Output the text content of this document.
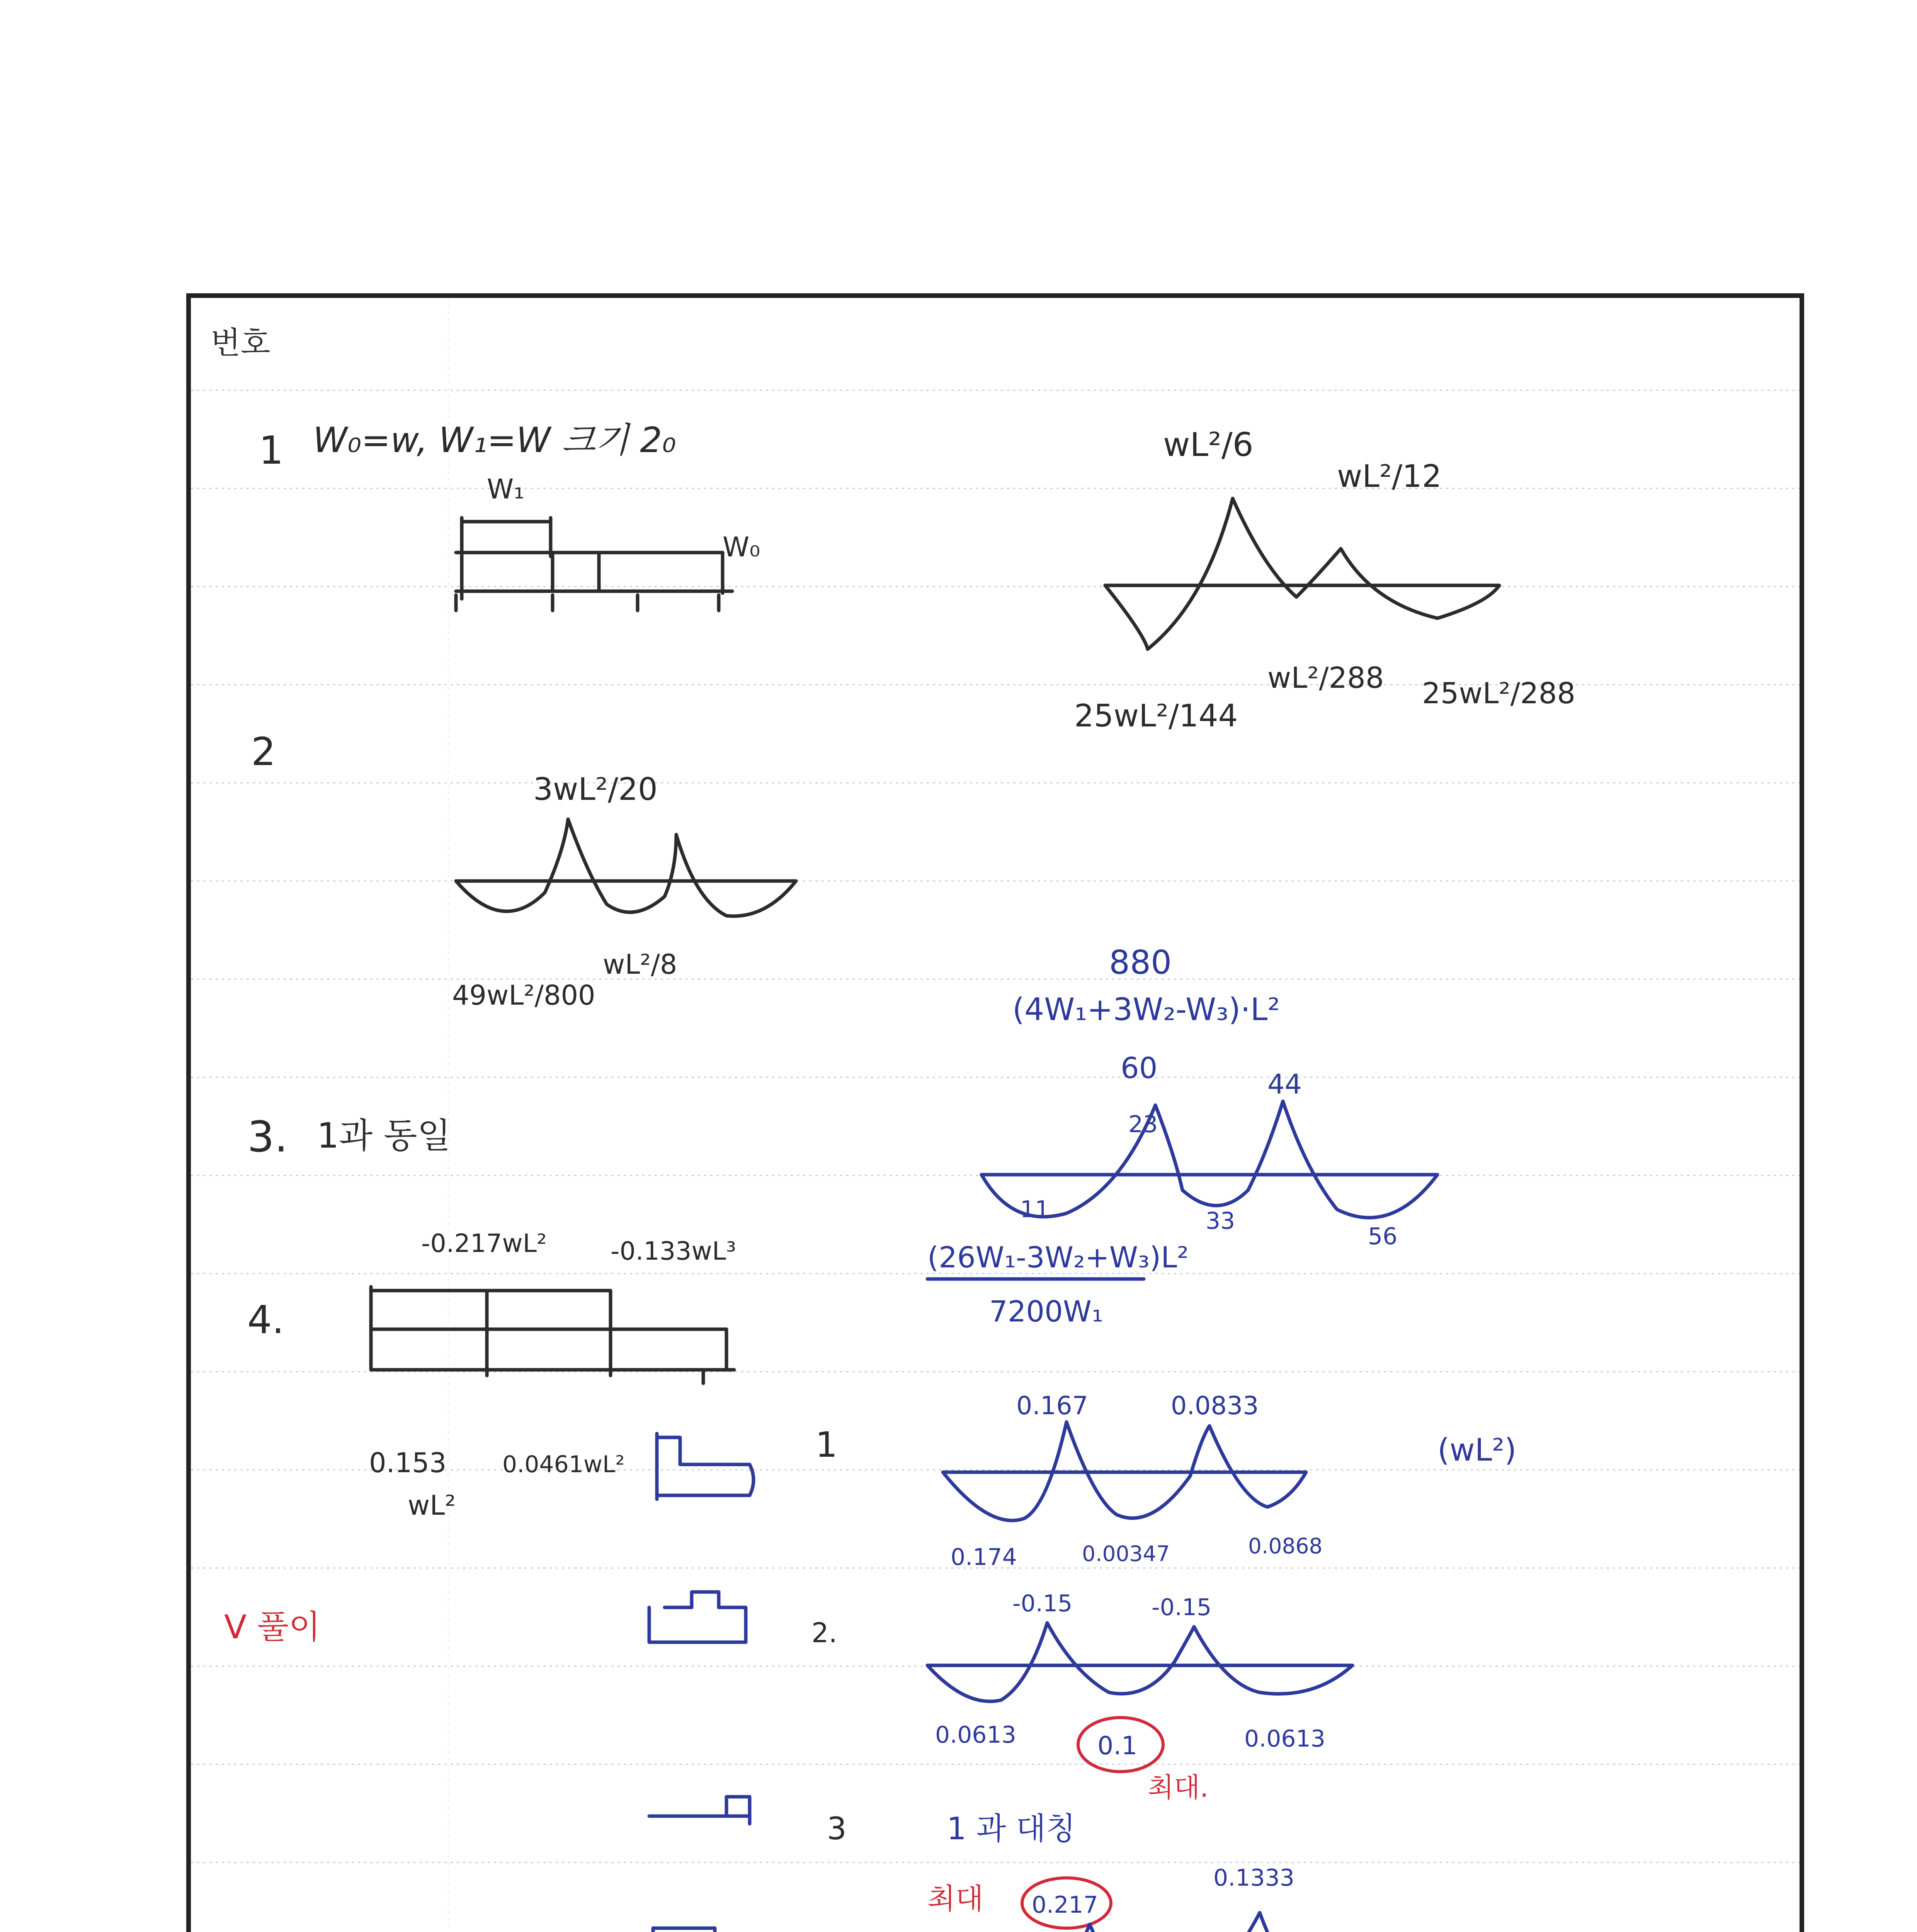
번호
1 W₀=w, W₁=W 크기 2₀
W₁
W₀
wL²/6
wL²/12
25wL²/144
wL²/288 25wL²/288
2
3wL²/20
49wL²/800
wL²/8
3. 1과 동일
880
(4W₁+3W₂-W₃)·L²
60	44
11
23
33
56
(26W₁-3W₂+W₃)L²
7200W₁
4.
-0.217wL²	-0.133wL³
0.153
wL²
0.0461wL²
V 풀이
(wL²)
1
0.167	0.0833
0.174	0.00347	0.0868
2.
-0.15	-0.15
0.0613	0.1	0.0613
최대.
3	1 과 대칭
최대 0.217
0.1333
